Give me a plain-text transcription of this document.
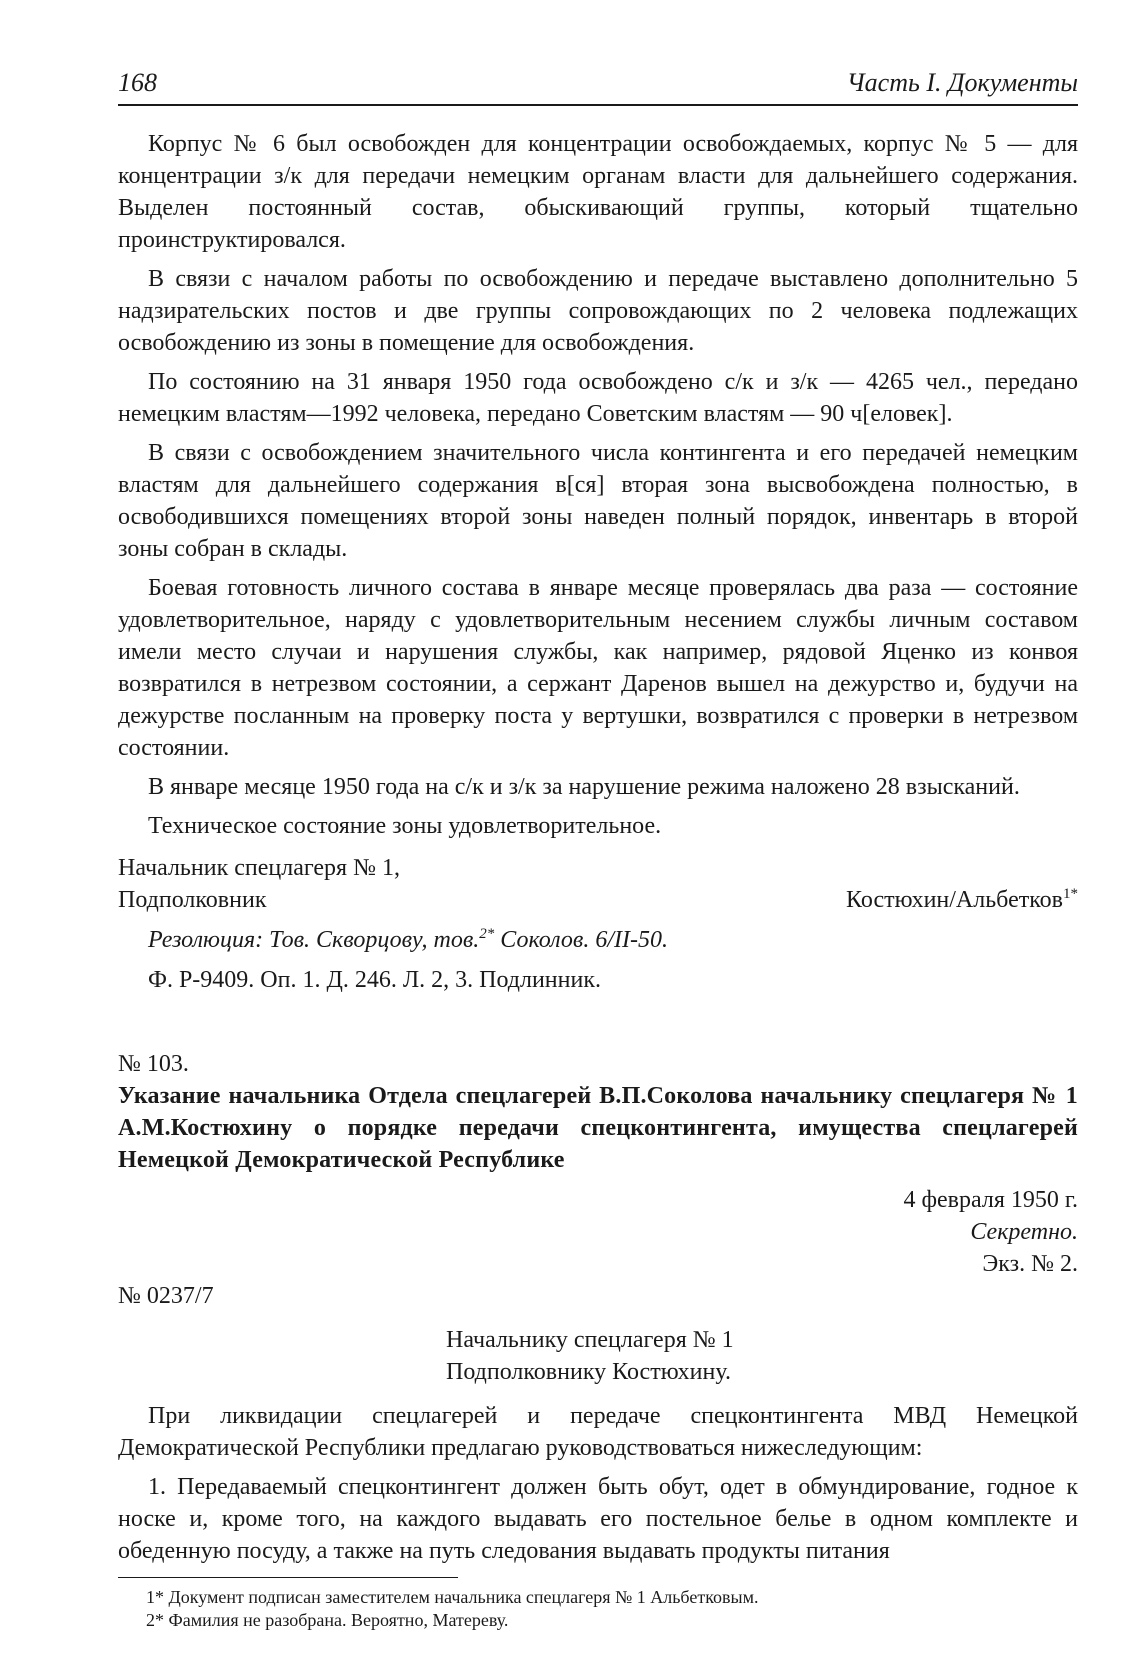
168	Часть I. Документы

Корпус № 6 был освобожден для концентрации освобождаемых, корпус № 5 — для концентрации з/к для передачи немецким органам власти для дальнейшего содержания. Выделен постоянный состав, обыскивающий группы, который тщательно проинструктировался.

В связи с началом работы по освобождению и передаче выставлено дополнительно 5 надзирательских постов и две группы сопровождающих по 2 человека подлежащих освобождению из зоны в помещение для освобождения.

По состоянию на 31 января 1950 года освобождено с/к и з/к — 4265 чел., передано немецким властям—1992 человека, передано Советским властям — 90 ч[еловек].

В связи с освобождением значительного числа контингента и его передачей немецким властям для дальнейшего содержания в[ся] вторая зона высвобождена полностью, в освободившихся помещениях второй зоны наведен полный порядок, инвентарь в второй зоны собран в склады.

Боевая готовность личного состава в январе месяце проверялась два раза — состояние удовлетворительное, наряду с удовлетворительным несением службы личным составом имели место случаи и нарушения службы, как например, рядовой Яценко из конвоя возвратился в нетрезвом состоянии, а сержант Даренов вышел на дежурство и, будучи на дежурстве посланным на проверку поста у вертушки, возвратился с проверки в нетрезвом состоянии.

В январе месяце 1950 года на с/к и з/к за нарушение режима наложено 28 взысканий.

Техническое состояние зоны удовлетворительное.

Начальник спецлагеря № 1,

Подполковник	Костюхин/Альбетков$^{1*}$

Резолюция: Тов. Скворцову, тов.$^{2*}$ Соколов. 6/II-50.

Ф. Р-9409. Оп. 1. Д. 246. Л. 2, 3. Подлинник.

№ 103.

Указание начальника Отдела спецлагерей В.П.Соколова начальнику спецлагеря № 1 А.М.Костюхину о порядке передачи спецконтингента, имущества спецлагерей Немецкой Демократической Республике

4 февраля 1950 г.

Секретно.

Экз. № 2.

№ 0237/7

Начальнику спецлагеря № 1

Подполковнику Костюхину.

При ликвидации спецлагерей и передаче спецконтингента МВД Немецкой Демократической Республики предлагаю руководствоваться нижеследующим:

1. Передаваемый спецконтингент должен быть обут, одет в обмундирование, годное к носке и, кроме того, на каждого выдавать его постельное белье в одном комплекте и обеденную посуду, а также на путь следования выдавать продукты питания

1* Документ подписан заместителем начальника спецлагеря № 1 Альбетковым.
2* Фамилия не разобрана. Вероятно, Матереву.
